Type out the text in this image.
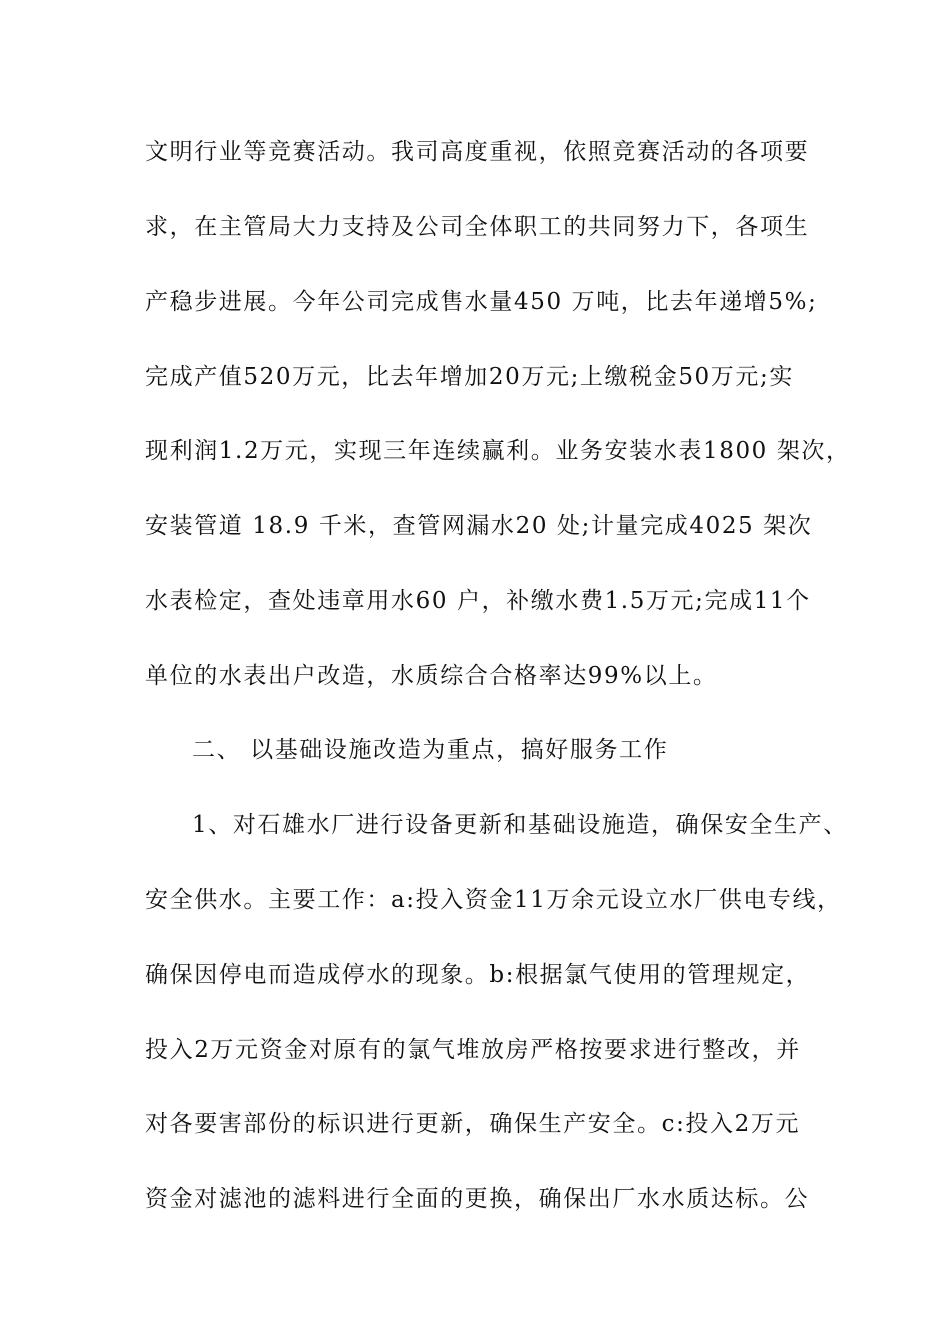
文明行业等竞赛活动。我司高度重视，依照竞赛活动的各项要
求，在主管局大力支持及公司全体职工的共同努力下，各项生
产稳步进展。今年公司完成售水量450 万吨，比去年递增5%;
完成产值520万元，比去年增加20万元;上缴税金50万元;实
现利润1.2万元，实现三年连续赢利。业务安装水表1800 架次，
安装管道 18.9 千米，查管网漏水20 处;计量完成4025 架次
水表检定，查处违章用水60 户，补缴水费1.5万元;完成11个
单位的水表出户改造，水质综合合格率达99%以上。
二、 以基础设施改造为重点，搞好服务工作
1、对石雄水厂进行设备更新和基础设施造，确保安全生产、
安全供水。主要工作：a:投入资金11万余元设立水厂供电专线，
确保因停电而造成停水的现象。b:根据氯气使用的管理规定，
投入2万元资金对原有的氯气堆放房严格按要求进行整改，并
对各要害部份的标识进行更新，确保生产安全。c:投入2万元
资金对滤池的滤料进行全面的更换，确保出厂水水质达标。公
